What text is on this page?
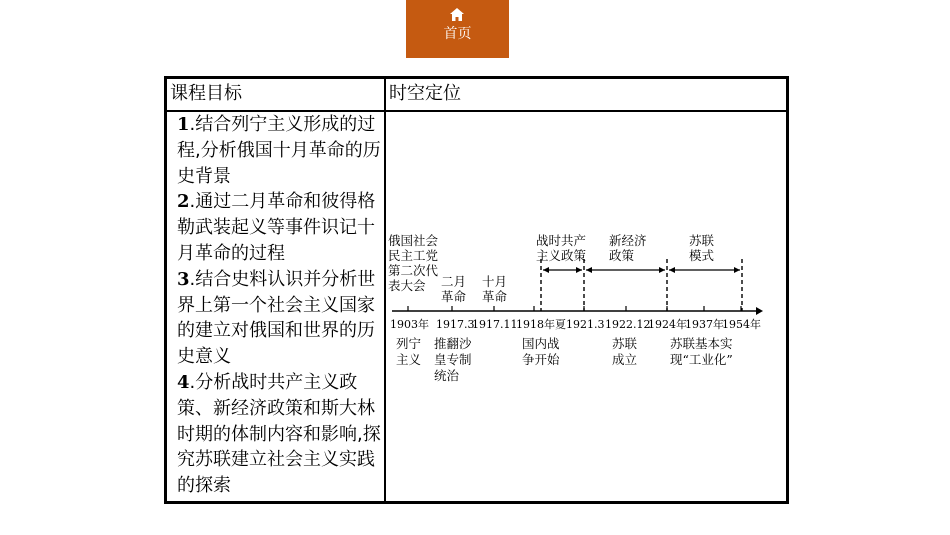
首页
课程目标	时空定位

1.结合列宁主义形成的过程,分析俄国十月革命的历史背景

2.通过二月革命和彼得格勒武装起义等事件识记十月革命的过程

3.结合史料认识并分析世界上第一个社会主义国家的建立对俄国和世界的历史意义

4.分析战时共产主义政策、新经济政策和斯大林时期的体制内容和影响,探究苏联建立社会主义实践的探索

1903年 1917.3
1917.11
1918年夏 1921.3 1922.12
1924年
1937年
1954年
俄国社会民主工党第二次代表大会	二月革命
十月革命
战时共产主义政策
新经济政策
苏联模式
列宁主义
推翻沙皇专制统治
国内战争开始
苏联成立
苏联基本实现“工业化”
